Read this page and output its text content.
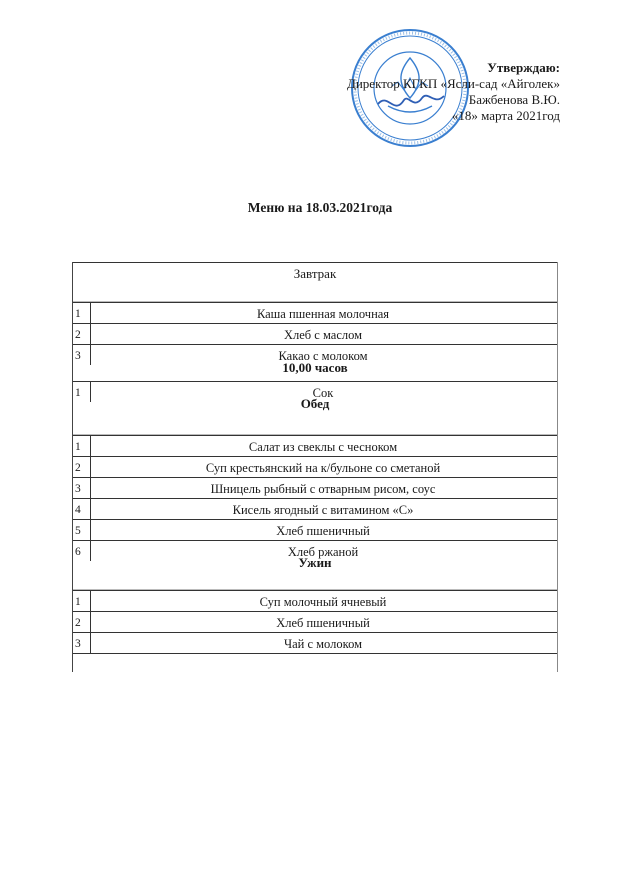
Утверждаю:
Директор КГКП «Ясли-сад «Айголек»
Бажбенова В.Ю.
«18» марта 2021год
Меню на 18.03.2021года
Завтрак
1	Каша пшенная молочная
2	Хлеб с маслом
3	Какао с молоком
10,00 часов
1	Сок
Обед
1	Салат из свеклы с чесноком
2	Суп крестьянский на к/бульоне со сметаной
3	Шницель рыбный с отварным рисом, соус
4	Кисель ягодный с витамином «С»
5	Хлеб пшеничный
6	Хлеб ржаной
Ужин
1	Суп молочный ячневый
2	Хлеб пшеничный
3	Чай с молоком
